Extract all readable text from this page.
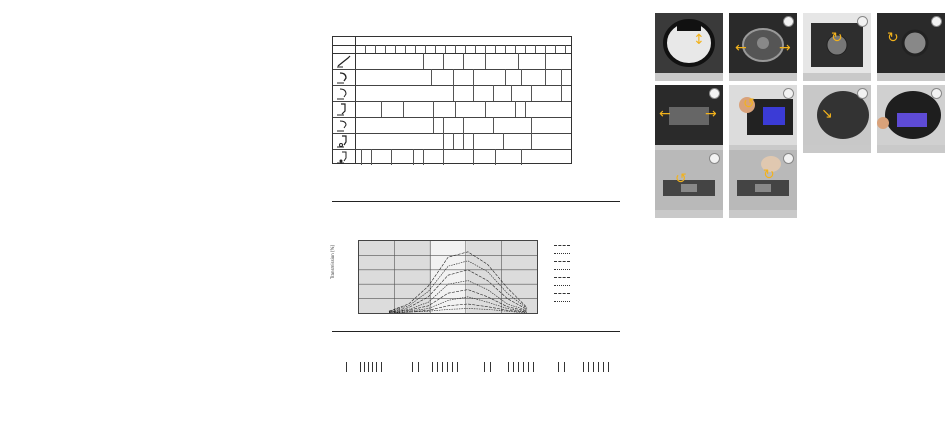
Transmission [%]
↕ ← →
↻	↻
← →
↺
↘
↺	↻
